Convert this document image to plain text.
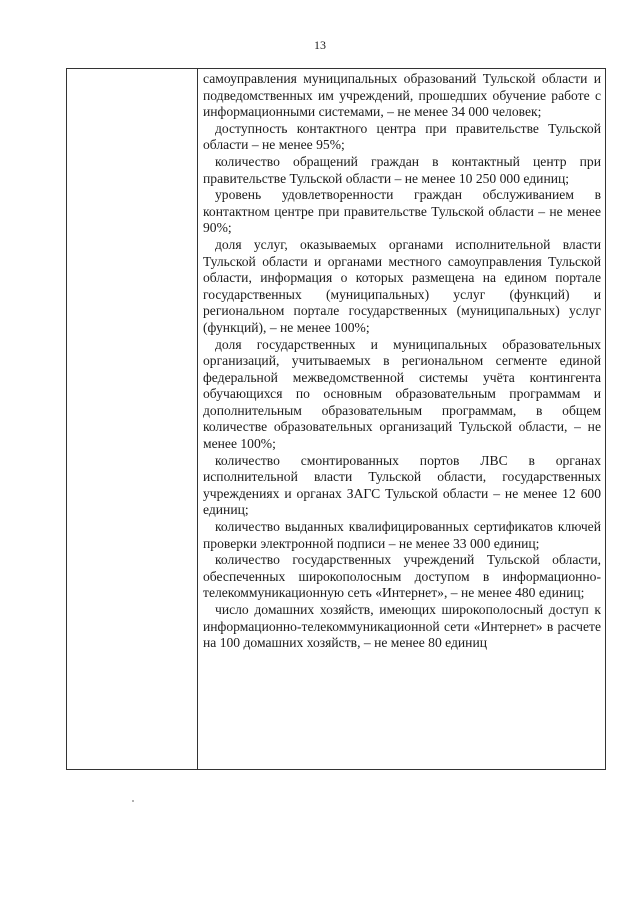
13

самоуправления муниципальных образований Тульской области и подведомственных им учреждений, прошедших обучение работе с информационными системами, – не менее 34 000 человек;

доступность контактного центра при правительстве Тульской области – не менее 95%;

количество обращений граждан в контактный центр при правительстве Тульской области – не менее 10 250 000 единиц;

уровень удовлетворенности граждан обслуживанием в контактном центре при правительстве Тульской области – не менее 90%;

доля услуг, оказываемых органами исполнительной власти Тульской области и органами местного самоуправления Тульской области, информация о которых размещена на едином портале государственных (муниципальных) услуг (функций) и региональном портале государственных (муниципальных) услуг (функций), – не менее 100%;

доля государственных и муниципальных образовательных организаций, учитываемых в региональном сегменте единой федеральной межведомственной системы учёта контингента обучающихся по основным образовательным программам и дополнительным образовательным программам, в общем количестве образовательных организаций Тульской области, – не менее 100%;

количество смонтированных портов ЛВС в органах исполнительной власти Тульской области, государственных учреждениях и органах ЗАГС Тульской области – не менее 12 600 единиц;

количество выданных квалифицированных сертификатов ключей проверки электронной подписи – не менее 33 000 единиц;

количество государственных учреждений Тульской области, обеспеченных широкополосным доступом в информационно-телекоммуникационную сеть «Интернет», – не менее 480 единиц;

число домашних хозяйств, имеющих широкополосный доступ к информационно-телекоммуникационной сети «Интернет» в расчете на 100 домашних хозяйств, – не менее 80 единиц
